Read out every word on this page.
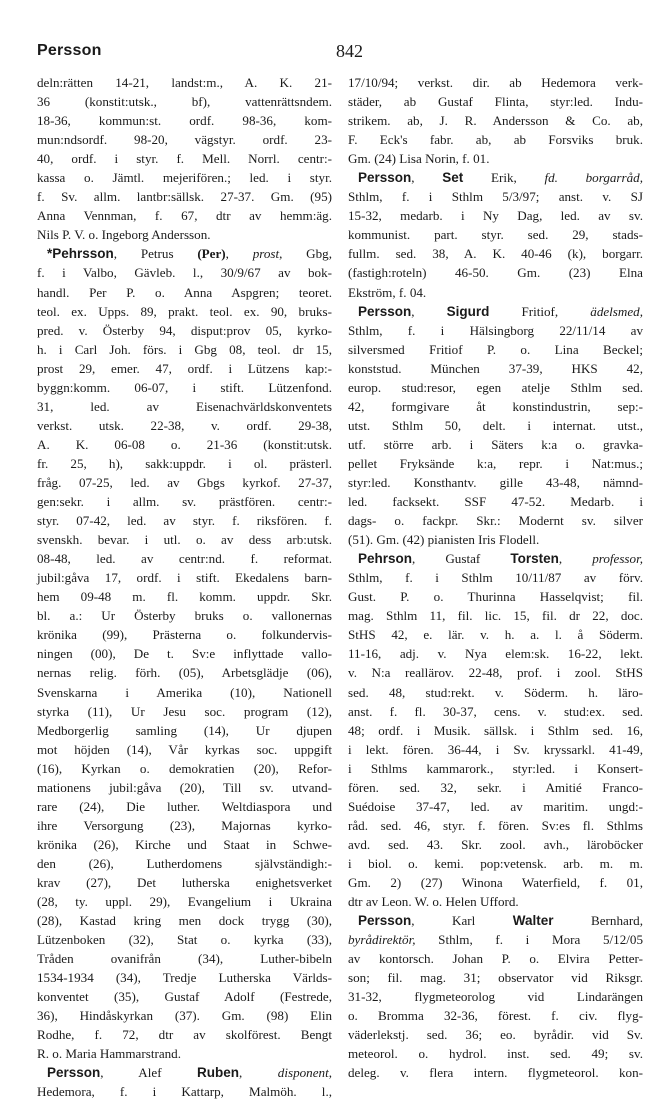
Persson	842
deln:rätten 14-21, landst:m., A. K. 21-
36 (konstit:utsk., bf), vattenrättsndem.
18-36, kommun:st. ordf. 98-36, kom-
mun:ndsordf. 98-20, vägstyr. ordf. 23-
40, ordf. i styr. f. Mell. Norrl. centr:-
kassa o. Jämtl. mejerifören.; led. i styr.
f. Sv. allm. lantbr:sällsk. 27-37. Gm. (95)
Anna Vennman, f. 67, dtr av hemm:äg.
Nils P. V. o. Ingeborg Andersson.
*Pehrsson, Petrus (Per), prost, Gbg,
f. i Valbo, Gävleb. l., 30/9/67 av bok-
handl. Per P. o. Anna Aspgren; teoret.
teol. ex. Upps. 89, prakt. teol. ex. 90, bruks-
pred. v. Österby 94, disput:prov 05, kyrko-
h. i Carl Joh. förs. i Gbg 08, teol. dr 15,
prost 29, emer. 47, ordf. i Lützens kap:-
byggn:komm. 06-07, i stift. Lützenfond.
31, led. av Eisenachvärldskonventets
verkst. utsk. 22-38, v. ordf. 29-38,
A. K. 06-08 o. 21-36 (konstit:utsk.
fr. 25, h), sakk:uppdr. i ol. prästerl.
fråg. 07-25, led. av Gbgs kyrkof. 27-37,
gen:sekr. i allm. sv. prästfören. centr:-
styr. 07-42, led. av styr. f. riksfören. f.
svenskh. bevar. i utl. o. av dess arb:utsk.
08-48, led. av centr:nd. f. reformat.
jubil:gåva 17, ordf. i stift. Ekedalens barn-
hem 09-48 m. fl. komm. uppdr. Skr.
bl. a.: Ur Österby bruks o. vallonernas
krönika (99), Prästerna o. folkundervis-
ningen (00), De t. Sv:e inflyttade vallo-
nernas relig. förh. (05), Arbetsglädje (06),
Svenskarna i Amerika (10), Nationell
styrka (11), Ur Jesu soc. program (12),
Medborgerlig samling (14), Ur djupen
mot höjden (14), Vår kyrkas soc. uppgift
(16), Kyrkan o. demokratien (20), Refor-
mationens jubil:gåva (20), Till sv. utvand-
rare (24), Die luther. Weltdiaspora und
ihre Versorgung (23), Majornas kyrko-
krönika (26), Kirche und Staat in Schwe-
den (26), Lutherdomens självständigh:-
krav (27), Det lutherska enighetsverket
(28, ty. uppl. 29), Evangelium i Ukraina
(28), Kastad kring men dock trygg (30),
Lützenboken (32), Stat o. kyrka (33),
Tråden ovanifrån (34), Luther-bibeln
1534-1934 (34), Tredje Lutherska Världs-
konventet (35), Gustaf Adolf (Festrede,
36), Hindåskyrkan (37). Gm. (98) Elin
Rodhe, f. 72, dtr av skolförest. Bengt
R. o. Maria Hammarstrand.
Persson, Alef Ruben, disponent,
Hedemora, f. i Kattarp, Malmöh. l.,
17/10/94; verkst. dir. ab Hedemora verk-
städer, ab Gustaf Flinta, styr:led. Indu-
strikem. ab, J. R. Andersson & Co. ab,
F. Eck's fabr. ab, ab Forsviks bruk.
Gm. (24) Lisa Norin, f. 01.
Persson, Set Erik, fd. borgarråd,
Sthlm, f. i Sthlm 5/3/97; anst. v. SJ
15-32, medarb. i Ny Dag, led. av sv.
kommunist. part. styr. sed. 29, stads-
fullm. sed. 38, A. K. 40-46 (k), borgarr.
(fastigh:roteln) 46-50. Gm. (23) Elna
Ekström, f. 04.
Persson, Sigurd Fritiof, ädelsmed,
Sthlm, f. i Hälsingborg 22/11/14 av
silversmed Fritiof P. o. Lina Beckel;
konststud. München 37-39, HKS 42,
europ. stud:resor, egen atelje Sthlm sed.
42, formgivare åt konstindustrin, sep:-
utst. Sthlm 50, delt. i internat. utst.,
utf. större arb. i Säters k:a o. gravka-
pellet Fryksände k:a, repr. i Nat:mus.;
styr:led. Konsthantv. gille 43-48, nämnd-
led. facksekt. SSF 47-52. Medarb. i
dags- o. fackpr. Skr.: Modernt sv. silver
(51). Gm. (42) pianisten Iris Flodell.
Pehrson, Gustaf Torsten, professor,
Sthlm, f. i Sthlm 10/11/87 av förv.
Gust. P. o. Thurinna Hasselqvist; fil.
mag. Sthlm 11, fil. lic. 15, fil. dr 22, doc.
StHS 42, e. lär. v. h. a. l. å Söderm.
11-16, adj. v. Nya elem:sk. 16-22, lekt.
v. N:a reallärov. 22-48, prof. i zool. StHS
sed. 48, stud:rekt. v. Söderm. h. läro-
anst. f. fl. 30-37, cens. v. stud:ex. sed.
48; ordf. i Musik. sällsk. i Sthlm sed. 16,
i lekt. fören. 36-44, i Sv. kryssarkl. 41-49,
i Sthlms kammarork., styr:led. i Konsert-
fören. sed. 32, sekr. i Amitié Franco-
Suédoise 37-47, led. av maritim. ungd:-
råd. sed. 46, styr. f. fören. Sv:es fl. Sthlms
avd. sed. 43. Skr. zool. avh., läroböcker
i biol. o. kemi. pop:vetensk. arb. m. m.
Gm. 2) (27) Winona Waterfield, f. 01,
dtr av Leon. W. o. Helen Ufford.
Persson, Karl Walter Bernhard,
byrådirektör, Sthlm, f. i Mora 5/12/05
av kontorsch. Johan P. o. Elvira Petter-
son; fil. mag. 31; observator vid Riksgr.
31-32, flygmeteorolog vid Lindarängen
o. Bromma 32-36, förest. f. civ. flyg-
väderlekstj. sed. 36; eo. byrådir. vid Sv.
meteorol. o. hydrol. inst. sed. 49; sv.
deleg. v. flera intern. flygmeteorol. kon-
